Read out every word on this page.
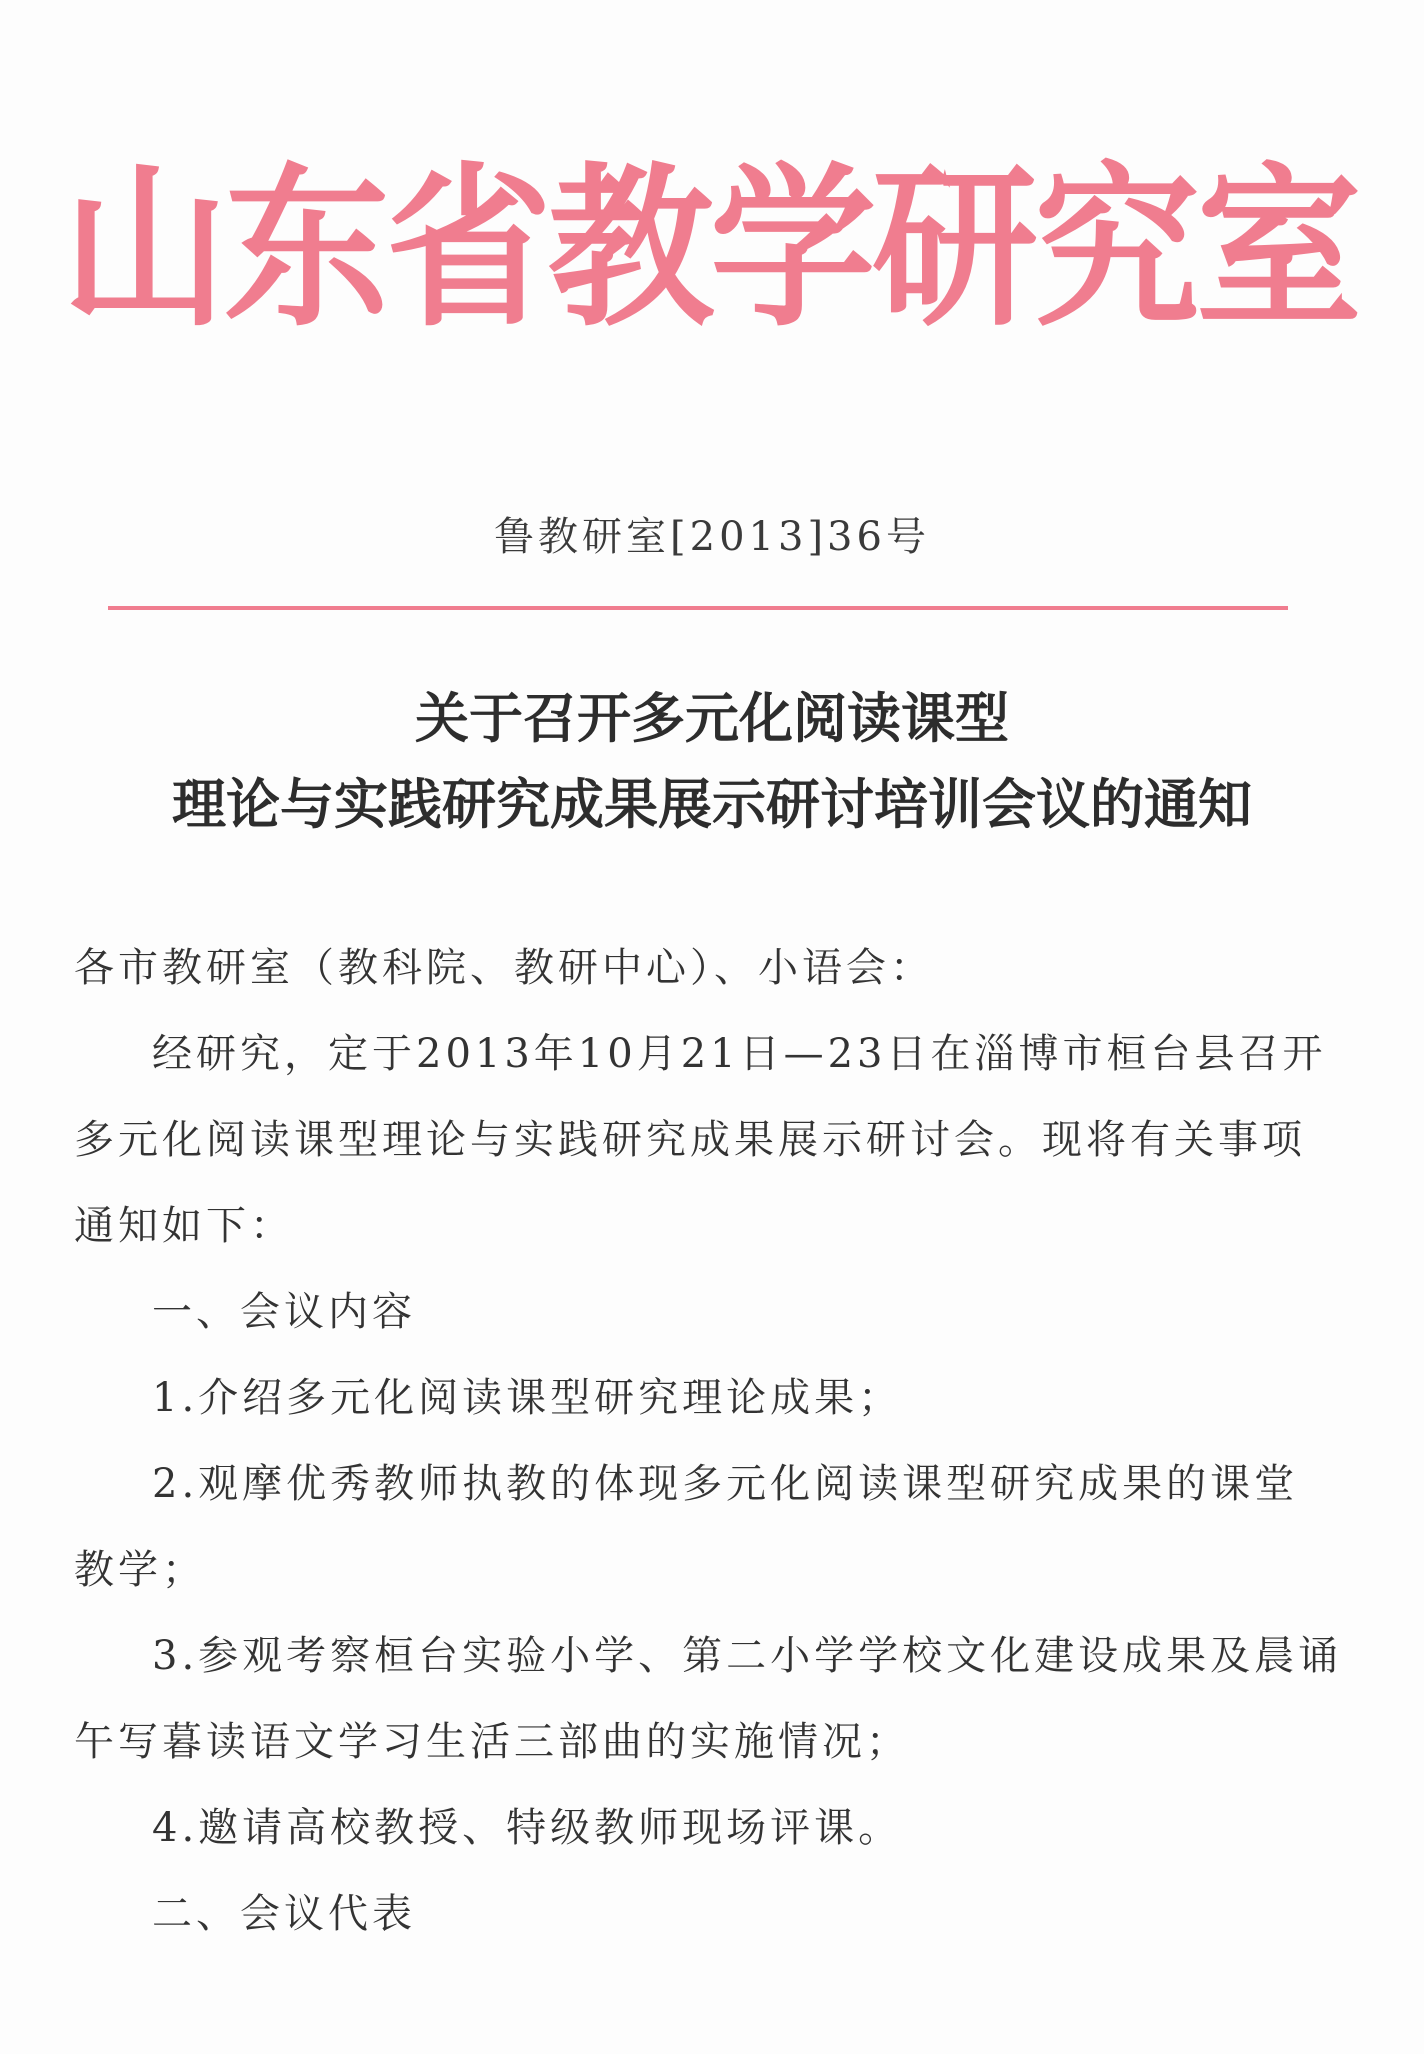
山东省教学研究室
鲁教研室[2013]36号
关于召开多元化阅读课型
理论与实践研究成果展示研讨培训会议的通知
各市教研室（教科院、教研中心）、小语会：
经研究，定于2013年10月21日—23日在淄博市桓台县召开
多元化阅读课型理论与实践研究成果展示研讨会。现将有关事项
通知如下：
一、会议内容
1.介绍多元化阅读课型研究理论成果；
2.观摩优秀教师执教的体现多元化阅读课型研究成果的课堂
教学；
3.参观考察桓台实验小学、第二小学学校文化建设成果及晨诵
午写暮读语文学习生活三部曲的实施情况；
4.邀请高校教授、特级教师现场评课。
二、会议代表
